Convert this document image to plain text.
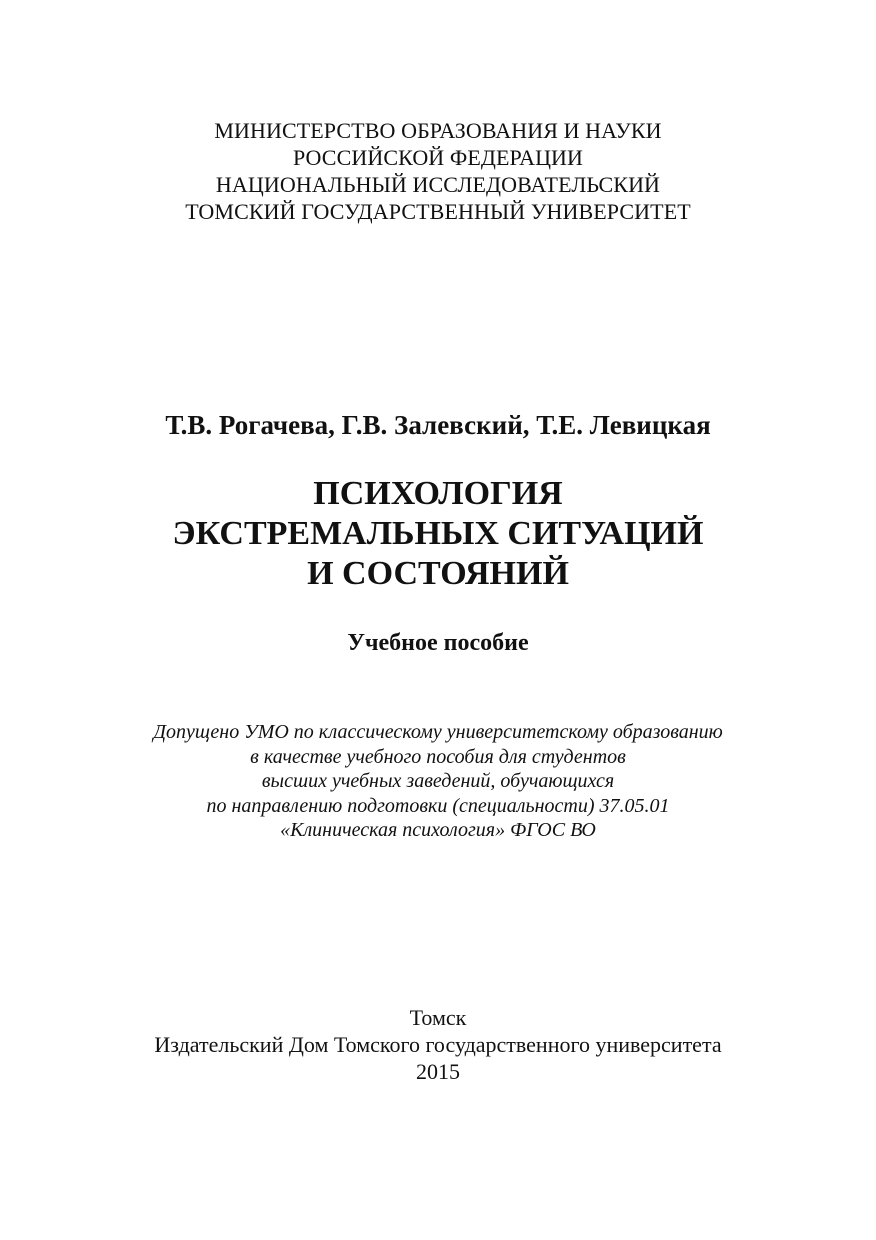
МИНИСТЕРСТВО ОБРАЗОВАНИЯ И НАУКИ
РОССИЙСКОЙ ФЕДЕРАЦИИ
НАЦИОНАЛЬНЫЙ ИССЛЕДОВАТЕЛЬСКИЙ
ТОМСКИЙ ГОСУДАРСТВЕННЫЙ УНИВЕРСИТЕТ
Т.В. Рогачева, Г.В. Залевский, Т.Е. Левицкая
ПСИХОЛОГИЯ
ЭКСТРЕМАЛЬНЫХ СИТУАЦИЙ
И СОСТОЯНИЙ
Учебное пособие
Допущено УМО по классическому университетскому образованию
в качестве учебного пособия для студентов
высших учебных заведений, обучающихся
по направлению подготовки (специальности) 37.05.01
«Клиническая психология» ФГОС ВО
Томск
Издательский Дом Томского государственного университета
2015
